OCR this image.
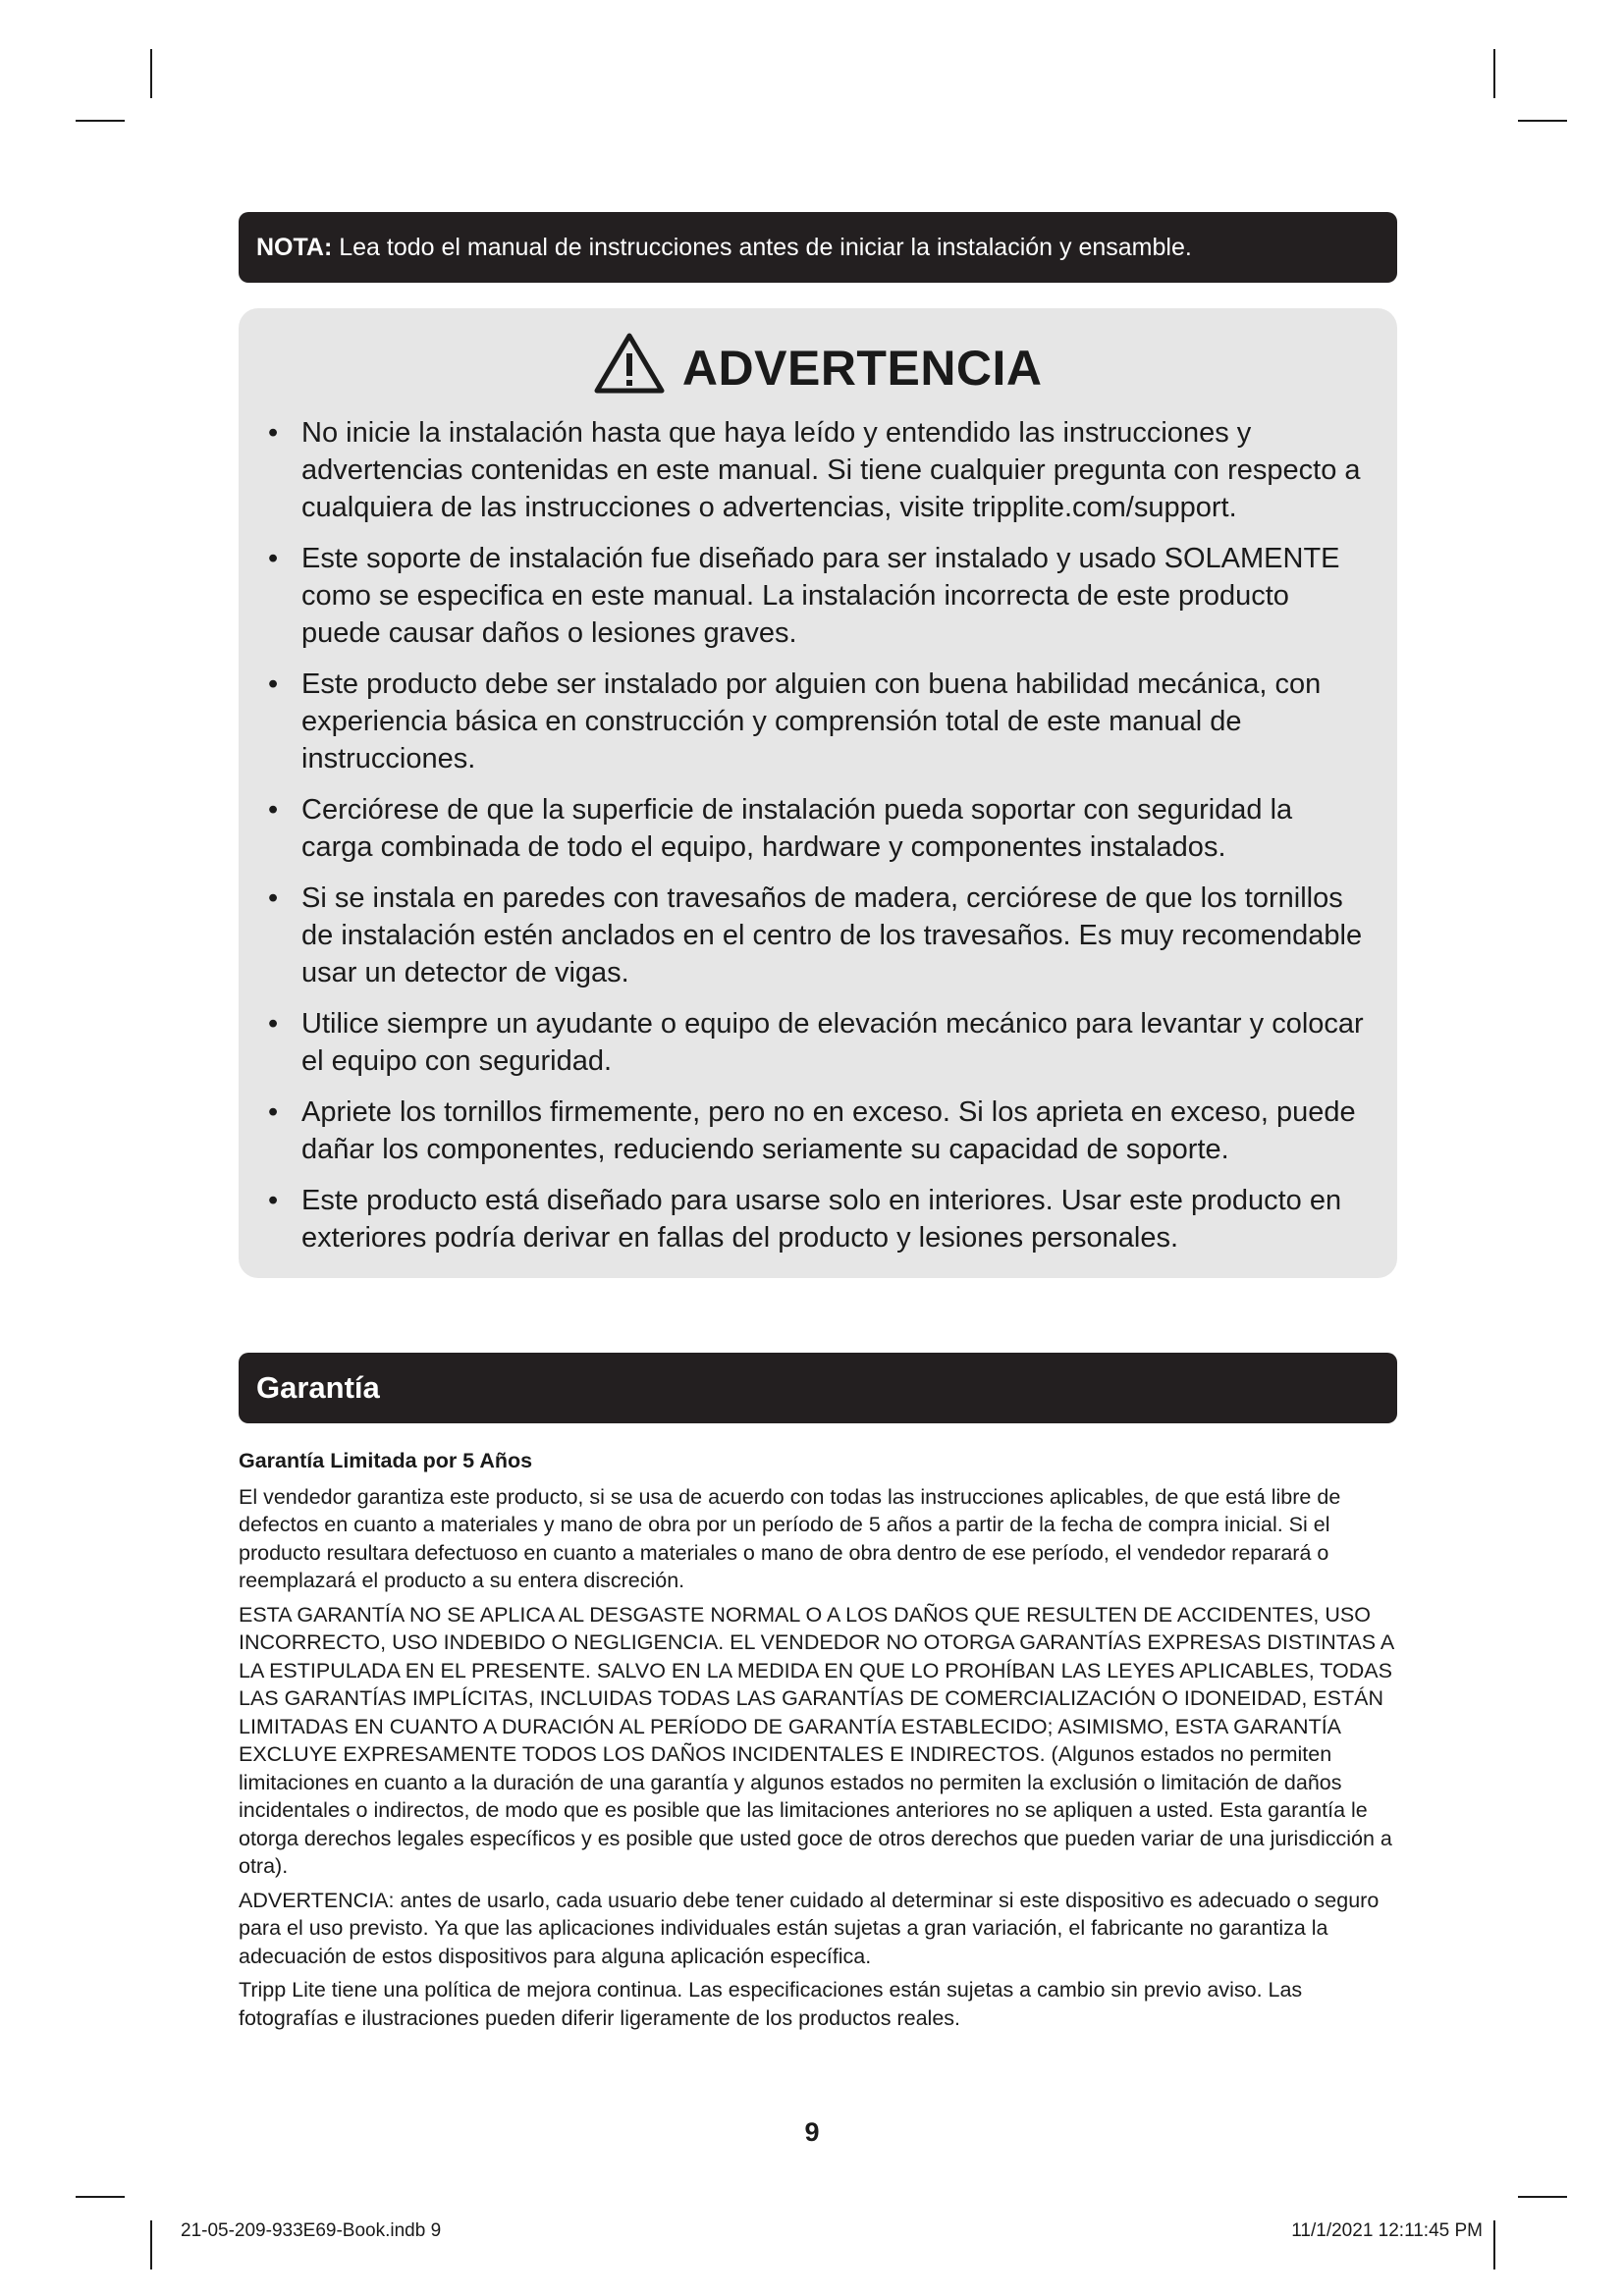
NOTA: Lea todo el manual de instrucciones antes de iniciar la instalación y ensamble.
ADVERTENCIA
• No inicie la instalación hasta que haya leído y entendido las instrucciones y advertencias contenidas en este manual. Si tiene cualquier pregunta con respecto a cualquiera de las instrucciones o advertencias, visite tripplite.com/support.
• Este soporte de instalación fue diseñado para ser instalado y usado SOLAMENTE como se especifica en este manual. La instalación incorrecta de este producto puede causar daños o lesiones graves.
• Este producto debe ser instalado por alguien con buena habilidad mecánica, con experiencia básica en construcción y comprensión total de este manual de instrucciones.
• Cerciórese de que la superficie de instalación pueda soportar con seguridad la carga combinada de todo el equipo, hardware y componentes instalados.
• Si se instala en paredes con travesaños de madera, cerciórese de que los tornillos de instalación estén anclados en el centro de los travesaños. Es muy recomendable usar un detector de vigas.
• Utilice siempre un ayudante o equipo de elevación mecánico para levantar y colocar el equipo con seguridad.
• Apriete los tornillos firmemente, pero no en exceso. Si los aprieta en exceso, puede dañar los componentes, reduciendo seriamente su capacidad de soporte.
• Este producto está diseñado para usarse solo en interiores. Usar este producto en exteriores podría derivar en fallas del producto y lesiones personales.
Garantía
Garantía Limitada por 5 Años

El vendedor garantiza este producto, si se usa de acuerdo con todas las instrucciones aplicables, de que está libre de defectos en cuanto a materiales y mano de obra por un período de 5 años a partir de la fecha de compra inicial. Si el producto resultara defectuoso en cuanto a materiales o mano de obra dentro de ese período, el vendedor reparará o reemplazará el producto a su entera discreción.

ESTA GARANTÍA NO SE APLICA AL DESGASTE NORMAL O A LOS DAÑOS QUE RESULTEN DE ACCIDENTES, USO INCORRECTO, USO INDEBIDO O NEGLIGENCIA. EL VENDEDOR NO OTORGA GARANTÍAS EXPRESAS DISTINTAS A LA ESTIPULADA EN EL PRESENTE. SALVO EN LA MEDIDA EN QUE LO PROHÍBAN LAS LEYES APLICABLES, TODAS LAS GARANTÍAS IMPLÍCITAS, INCLUIDAS TODAS LAS GARANTÍAS DE COMERCIALIZACIÓN O IDONEIDAD, ESTÁN LIMITADAS EN CUANTO A DURACIÓN AL PERÍODO DE GARANTÍA ESTABLECIDO; ASIMISMO, ESTA GARANTÍA EXCLUYE EXPRESAMENTE TODOS LOS DAÑOS INCIDENTALES E INDIRECTOS. (Algunos estados no permiten limitaciones en cuanto a la duración de una garantía y algunos estados no permiten la exclusión o limitación de daños incidentales o indirectos, de modo que es posible que las limitaciones anteriores no se apliquen a usted. Esta garantía le otorga derechos legales específicos y es posible que usted goce de otros derechos que pueden variar de una jurisdicción a otra).

ADVERTENCIA: antes de usarlo, cada usuario debe tener cuidado al determinar si este dispositivo es adecuado o seguro para el uso previsto. Ya que las aplicaciones individuales están sujetas a gran variación, el fabricante no garantiza la adecuación de estos dispositivos para alguna aplicación específica.

Tripp Lite tiene una política de mejora continua. Las especificaciones están sujetas a cambio sin previo aviso. Las fotografías e ilustraciones pueden diferir ligeramente de los productos reales.

9
21-05-209-933E69-Book.indb 9	11/1/2021 12:11:45 PM
